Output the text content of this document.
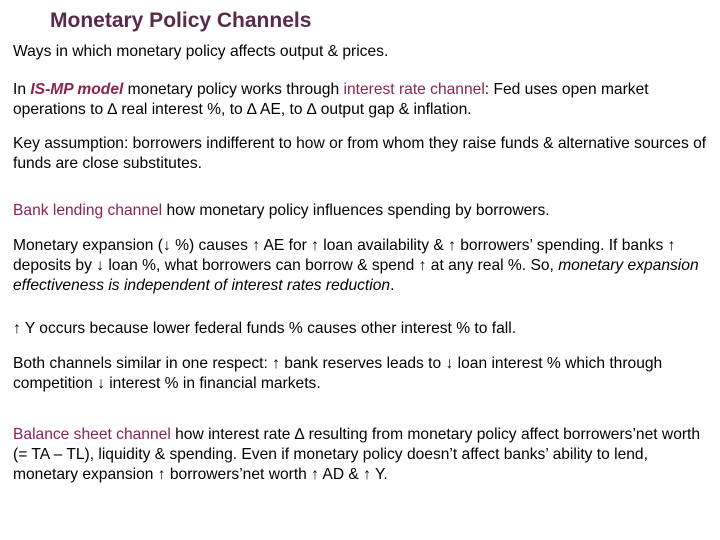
Monetary Policy Channels
Ways in which monetary policy affects output & prices.
In IS-MP model monetary policy works through interest rate channel: Fed uses open market operations to ∆ real interest %, to ∆ AE, to ∆ output gap & inflation.
Key assumption: borrowers indifferent to how or from whom they raise funds & alternative sources of funds are close substitutes.
Bank lending channel how monetary policy influences spending by borrowers.
Monetary expansion (↓ %) causes ↑ AE for ↑ loan availability & ↑ borrowers’ spending. If banks ↑ deposits by ↓ loan %, what borrowers can borrow & spend ↑ at any real %. So, monetary expansion effectiveness is independent of interest rates reduction.
↑ Y occurs because lower federal funds % causes other interest % to fall.
Both channels similar in one respect: ↑ bank reserves leads to ↓ loan interest % which through competition ↓ interest % in financial markets.
Balance sheet channel how interest rate ∆ resulting from monetary policy affect borrowers’net worth (= TA – TL), liquidity & spending. Even if monetary policy doesn’t affect banks’ ability to lend, monetary expansion ↑ borrowers’net worth ↑ AD & ↑ Y.
